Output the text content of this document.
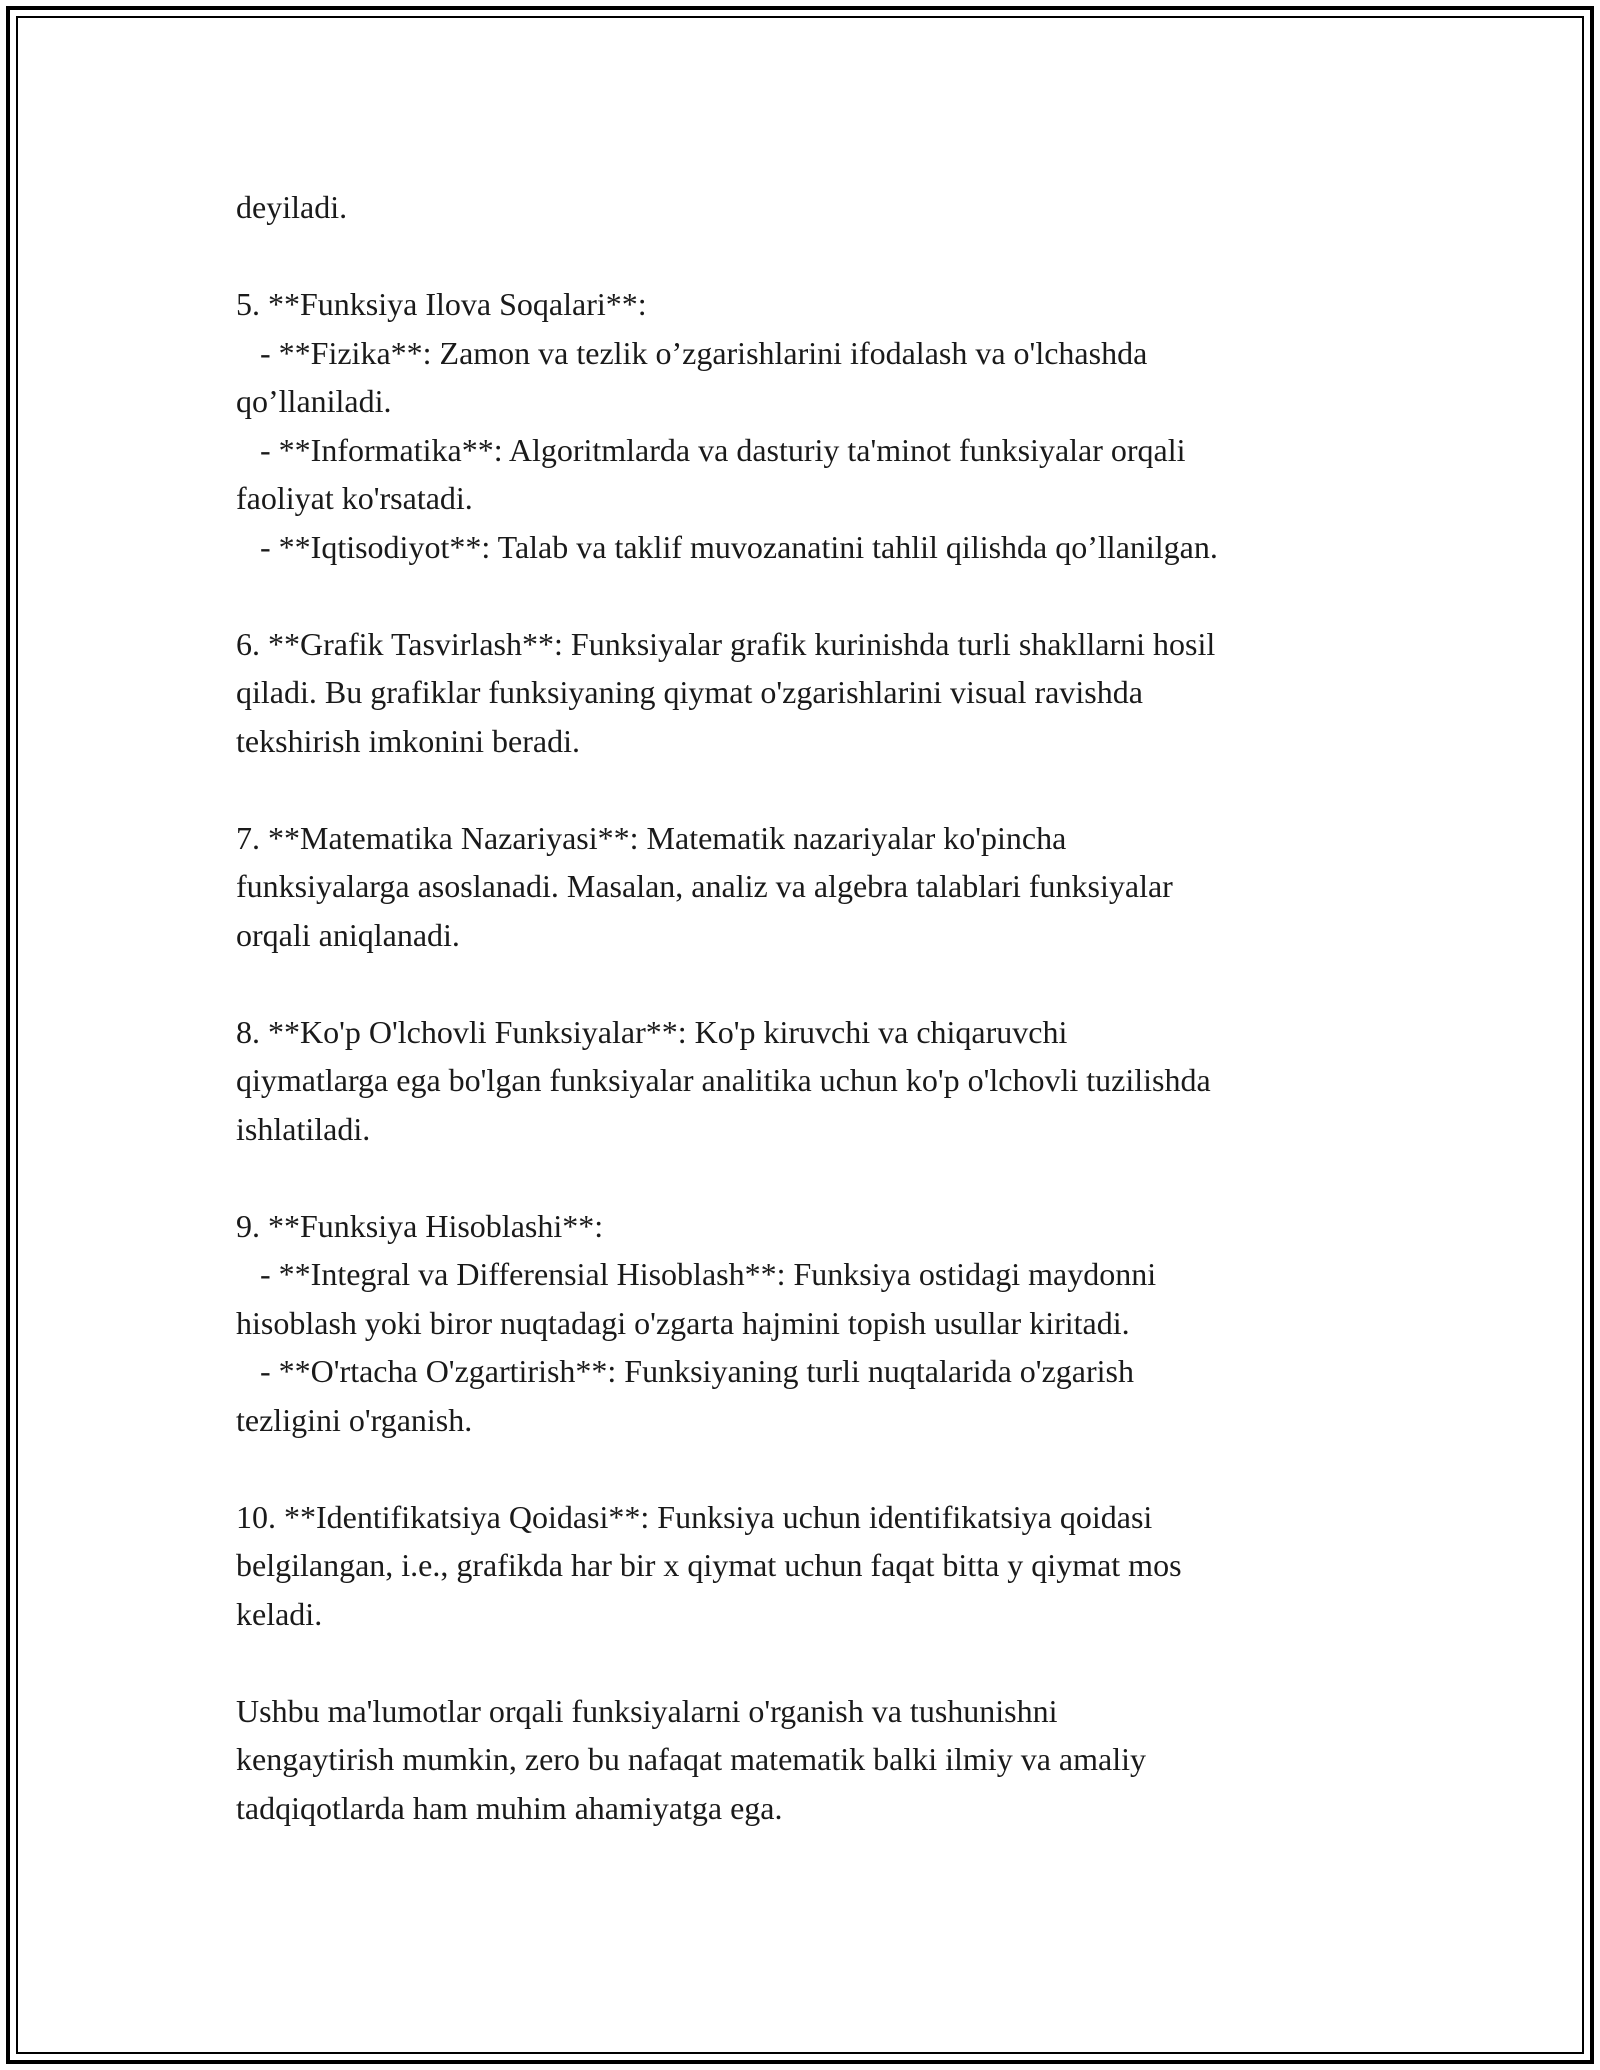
deyiladi.

5. **Funksiya Ilova Soqalari**:

- **Fizika**: Zamon va tezlik o’zgarishlarini ifodalash va o'lchashda

qo’llaniladi.

- **Informatika**: Algoritmlarda va dasturiy ta'minot funksiyalar orqali

faoliyat ko'rsatadi.

- **Iqtisodiyot**: Talab va taklif muvozanatini tahlil qilishda qo’llanilgan.

6. **Grafik Tasvirlash**: Funksiyalar grafik kurinishda turli shakllarni hosil

qiladi. Bu grafiklar funksiyaning qiymat o'zgarishlarini visual ravishda

tekshirish imkonini beradi.

7. **Matematika Nazariyasi**: Matematik nazariyalar ko'pincha

funksiyalarga asoslanadi. Masalan, analiz va algebra talablari funksiyalar

orqali aniqlanadi.

8. **Ko'p O'lchovli Funksiyalar**: Ko'p kiruvchi va chiqaruvchi

qiymatlarga ega bo'lgan funksiyalar analitika uchun ko'p o'lchovli tuzilishda

ishlatiladi.

9. **Funksiya Hisoblashi**:

- **Integral va Differensial Hisoblash**: Funksiya ostidagi maydonni

hisoblash yoki biror nuqtadagi o'zgarta hajmini topish usullar kiritadi.

- **O'rtacha O'zgartirish**: Funksiyaning turli nuqtalarida o'zgarish

tezligini o'rganish.

10. **Identifikatsiya Qoidasi**: Funksiya uchun identifikatsiya qoidasi

belgilangan, i.e., grafikda har bir x qiymat uchun faqat bitta y qiymat mos

keladi.

Ushbu ma'lumotlar orqali funksiyalarni o'rganish va tushunishni

kengaytirish mumkin, zero bu nafaqat matematik balki ilmiy va amaliy

tadqiqotlarda ham muhim ahamiyatga ega.
